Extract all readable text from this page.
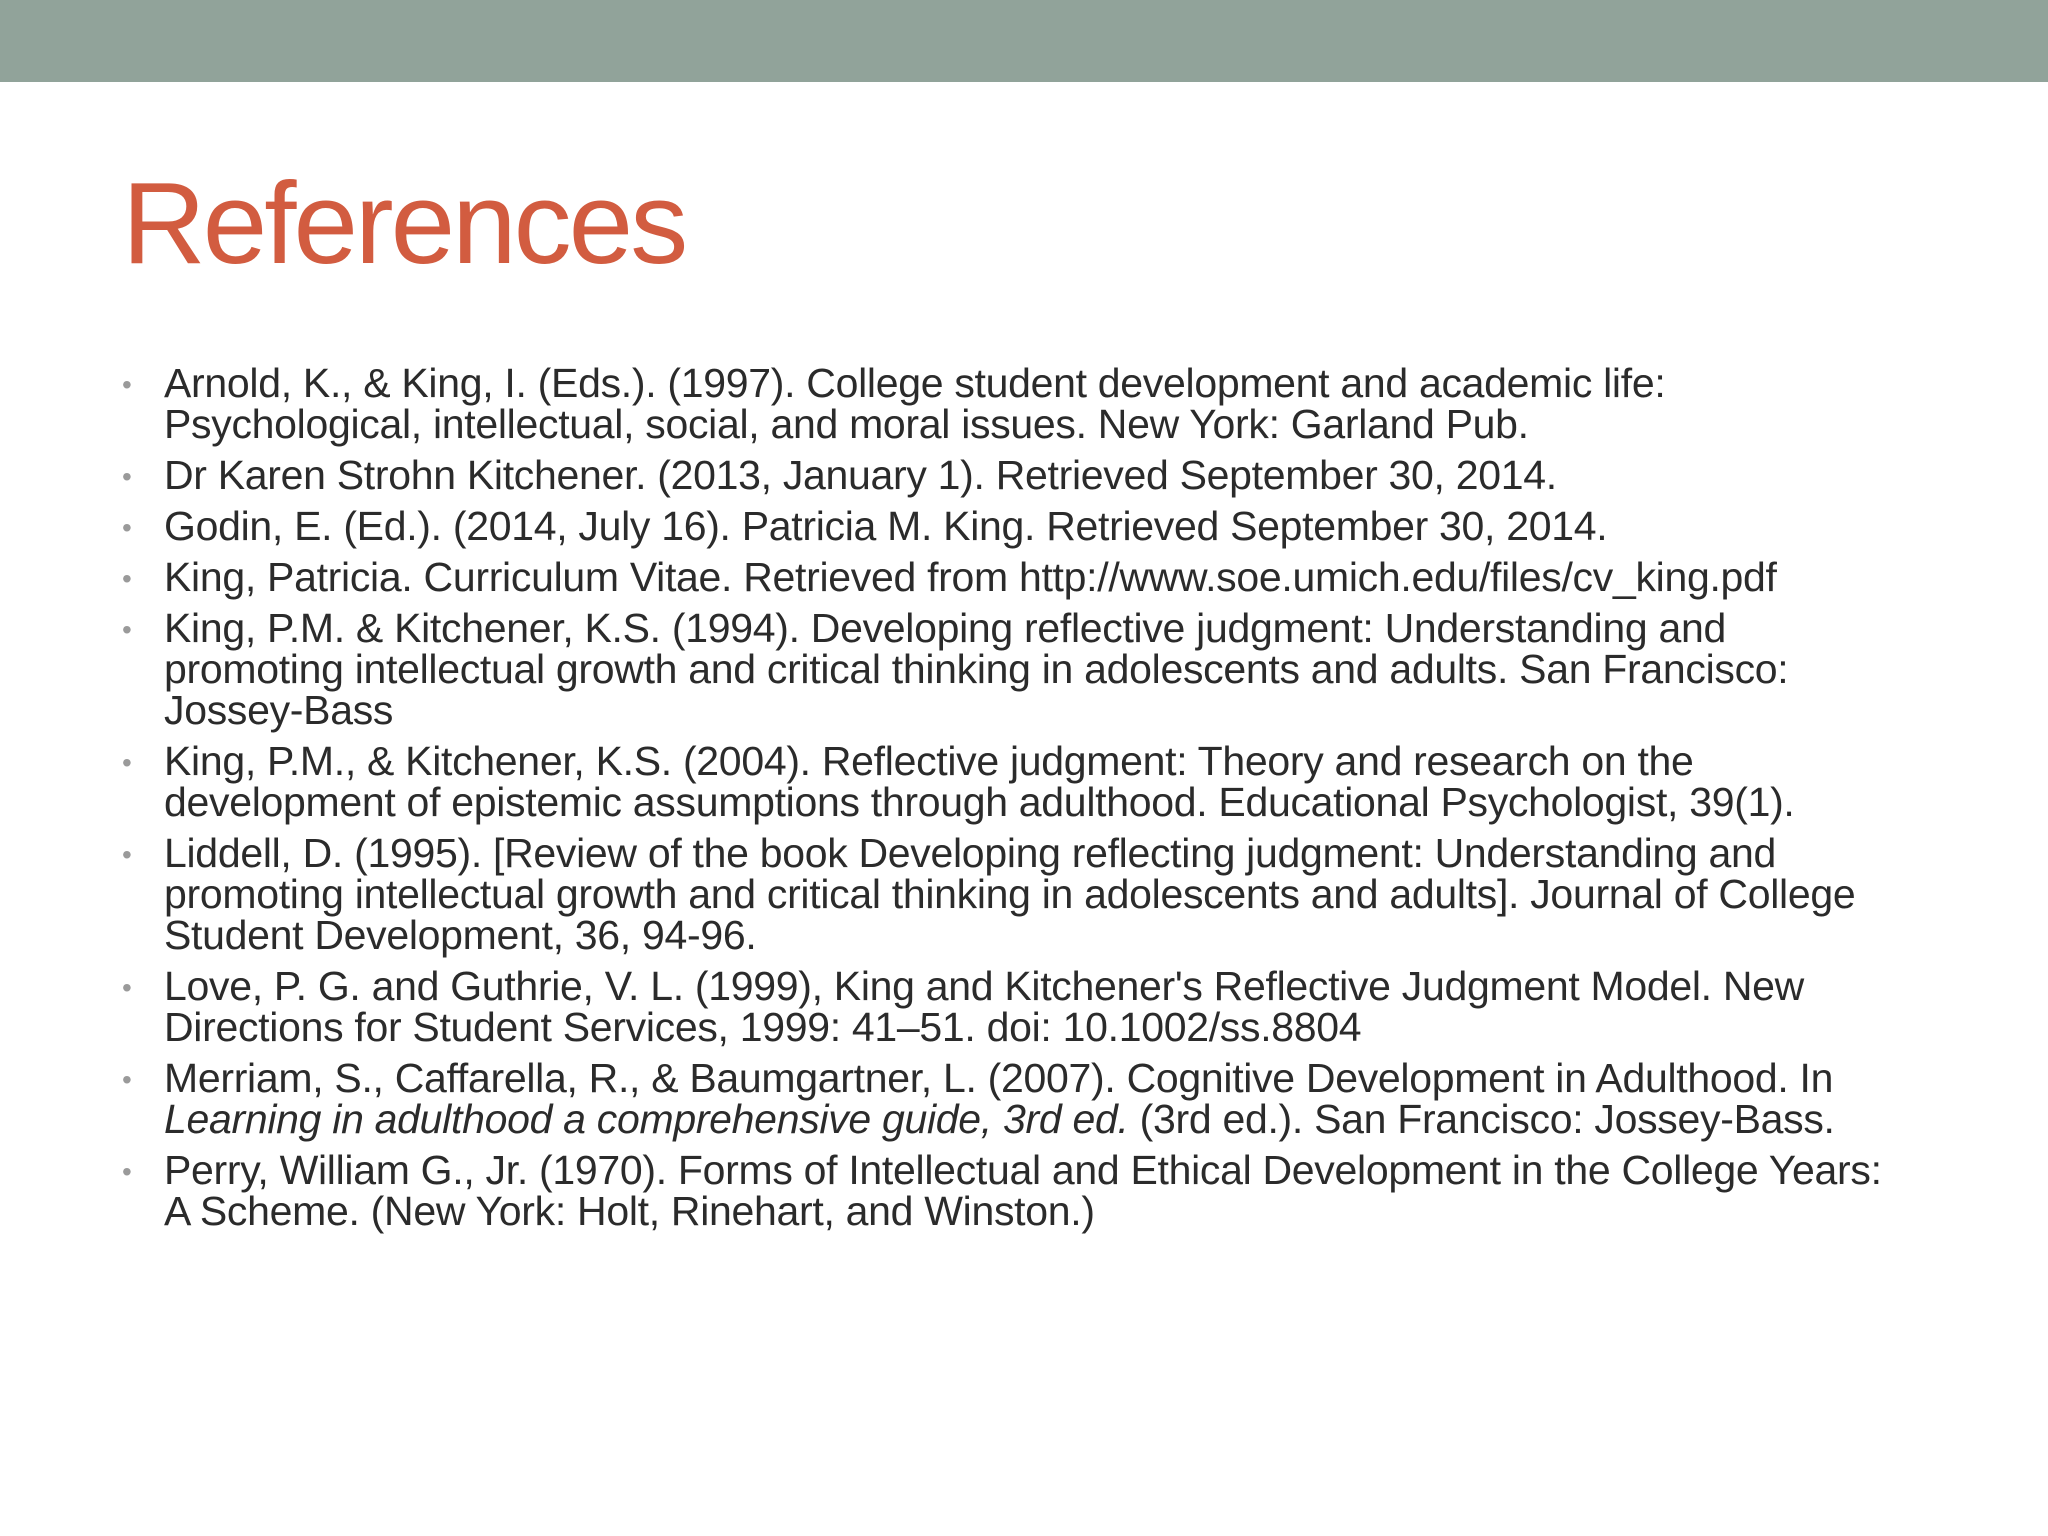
References
• Arnold, K., & King, I. (Eds.). (1997). College student development and academic life: Psychological, intellectual, social, and moral issues. New York: Garland Pub.
• Dr Karen Strohn Kitchener. (2013, January 1). Retrieved September 30, 2014.
• Godin, E. (Ed.). (2014, July 16). Patricia M. King. Retrieved September 30, 2014.
• King, Patricia. Curriculum Vitae. Retrieved from http://www.soe.umich.edu/files/cv_king.pdf
• King, P.M. & Kitchener, K.S. (1994). Developing reflective judgment: Understanding and promoting intellectual growth and critical thinking in adolescents and adults. San Francisco: Jossey-Bass
• King, P.M., & Kitchener, K.S. (2004). Reflective judgment: Theory and research on the development of epistemic assumptions through adulthood. Educational Psychologist, 39(1).
• Liddell, D. (1995). [Review of the book Developing reflecting judgment: Understanding and promoting intellectual growth and critical thinking in adolescents and adults]. Journal of College Student Development, 36, 94-96.
• Love, P. G. and Guthrie, V. L. (1999), King and Kitchener's Reflective Judgment Model. New Directions for Student Services, 1999: 41–51. doi: 10.1002/ss.8804
• Merriam, S., Caffarella, R., & Baumgartner, L. (2007). Cognitive Development in Adulthood. In Learning in adulthood a comprehensive guide, 3rd ed. (3rd ed.). San Francisco: Jossey-Bass.
• Perry, William G., Jr. (1970). Forms of Intellectual and Ethical Development in the College Years: A Scheme. (New York: Holt, Rinehart, and Winston.)
